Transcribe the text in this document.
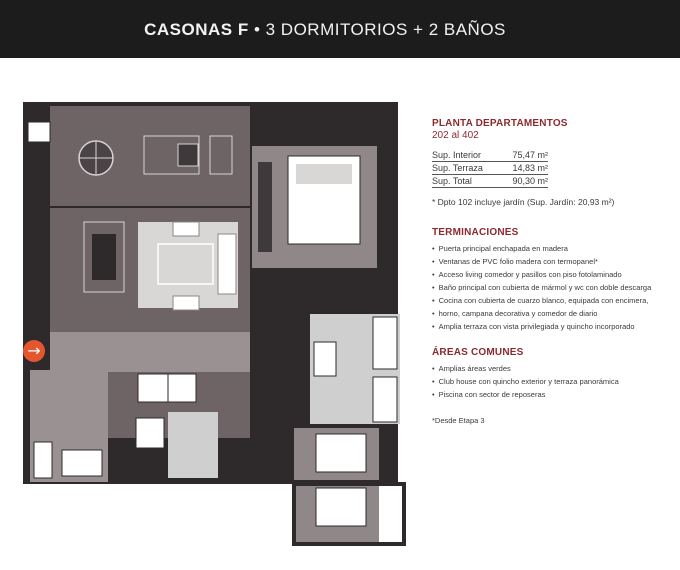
CASONAS F • 3 DORMITORIOS + 2 BAÑOS
→
PLANTA DEPARTAMENTOS
202 al 402
Sup. Interior	75,47 m²
Sup. Terraza	14,83 m²
Sup. Total	90,30 m²
* Dpto 102 incluye jardín (Sup. Jardín: 20,93 m²)
TERMINACIONES
• Puerta principal enchapada en madera
• Ventanas de PVC folio madera con termopanel*
• Acceso living comedor y pasillos con piso fotolaminado
• Baño principal con cubierta de mármol y wc con doble descarga
• Cocina con cubierta de cuarzo blanco, equipada con encimera,
• horno, campana decorativa y comedor de diario
• Amplia terraza con vista privilegiada y quincho incorporado
ÁREAS COMUNES
• Amplias áreas verdes
• Club house con quincho exterior y terraza panorámica
• Piscina con sector de reposeras
*Desde Etapa 3
